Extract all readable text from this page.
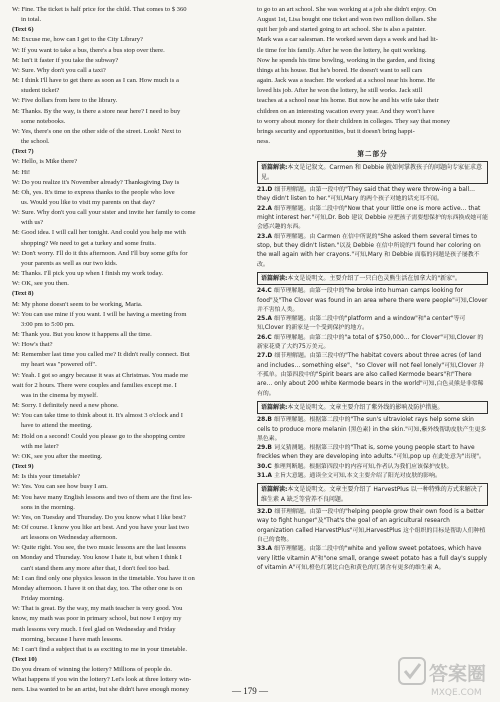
W: Fine. The ticket is half price for the child. That comes to $ 360
in total.
(Text 6)
M: Excuse me, how can I get to the City Library?
W: If you want to take a bus, there's a bus stop over there.
M: Isn't it faster if you take the subway?
W: Sure. Why don't you call a taxi?
M: I think I'll have to get there as soon as I can. How much is a
student ticket?
W: Five dollars from here to the library.
M: Thanks. By the way, is there a store near here? I need to buy
some notebooks.
W: Yes, there's one on the other side of the street. Look! Next to
the school.
(Text 7)
W: Hello, is Mike there?
M: Hi!
W: Do you realize it's November already? Thanksgiving Day is
M: Oh, yes. It's time to express thanks to the people who love
us. Would you like to visit my parents on that day?
W: Sure. Why don't you call your sister and invite her family to come
with us?
M: Good idea. I will call her tonight. And could you help me with
shopping? We need to get a turkey and some fruits.
W: Don't worry. I'll do it this afternoon. And I'll buy some gifts for
your parents as well as our two kids.
M: Thanks. I'll pick you up when I finish my work today.
W: OK, see you then.
(Text 8)
M: My phone doesn't seem to be working, Maria.
W: You can use mine if you want. I will be having a meeting from
3:00 pm to 5:00 pm.
M: Thank you. But you know it happens all the time.
W: How's that?
M: Remember last time you called me? It didn't really connect. But
my heart was "powered off".
W: Yeah. I got so angry because it was at Christmas. You made me
wait for 2 hours. There were couples and families except me. I
was in the cinema by myself.
M: Sorry. I definitely need a new phone.
W: You can take time to think about it. It's almost 3 o'clock and I
have to attend the meeting.
M: Hold on a second! Could you please go to the shopping centre
with me later?
W: OK, see you after the meeting.
(Text 9)
M: Is this your timetable?
W: Yes. You can see how busy I am.
M: You have many English lessons and two of them are the first les-
sons in the morning.
W: Yes, on Tuesday and Thursday. Do you know what I like best?
M: Of course. I know you like art best. And you have your last two
art lessons on Wednesday afternoon.
W: Quite right. You see, the two music lessons are the last lessons
on Monday and Thursday. You know I hate it, but when I think I
can't stand them any more after that, I don't feel too bad.
M: I can find only one physics lesson in the timetable. You have it on
Monday afternoon. I have it on that day, too. The other one is on
Friday morning.
W: That is great. By the way, my math teacher is very good. You
know, my math was poor in primary school, but now I enjoy my
math lessons very much. I feel glad on Wednesday and Friday
morning, because I have math lessons.
M: I can't find a subject that is as exciting to me in your timetable.
(Text 10)
Do you dream of winning the lottery? Millions of people do.
What happens if you win the lottery? Let's look at three lottery win-
ners. Lisa wanted to be an artist, but she didn't have enough money
to go to an art school. She was working at a job she didn't enjoy. On
August 1st, Lisa bought one ticket and won two million dollars. She
quit her job and started going to art school. She is also a painter.
Mark was a car salesman. He worked seven days a week and had lit-
tle time for his family. After he won the lottery, he quit working.
Now he spends his time bowling, working in the garden, and fixing
things at his house. But he's bored. He doesn't want to sell cars
again. Jack was a teacher. He worked at a school near his home. He
loved his job. After he won the lottery, he still works. Jack still
teaches at a school near his home. But now he and his wife take their
children on an interesting vacation every year. And they won't have
to worry about money for their children in colleges. They say that money
brings security and opportunities, but it doesn't bring happi-
ness.
第二部分
语篇解读:本文是记叙文。Carmen 和 Debbie 就如何掌教孩子的问题向专家征求意见。
21.D 细节理解题。由第一段中的"They said that they were throw-ing a ball… they didn't listen to her."可知,Mary 的两个孩子对她的话充耳不闻。
22.A 细节理解题。由第二段中的"Now that your little one is more active… that might interest her."可知,Dr. Bob 建议 Debbie 应把孩子需要想保护的东西换成她可能会感兴趣的东西。
23.A 细节理解题。由 Carmen 在信中所说的"She asked them several times to stop, but they didn't listen."以及 Debbie 在信中所说的"I found her coloring on the wall again with her crayons."可知,Mary 和 Debbie 面临的问题是孩子屡教不改。
语篇解读:本文是说明文。主要介绍了一只白色灵熊生活在加拿大的"新家"。
24.C 细节理解题。由第一段中的"he broke into human camps looking for food"及"The Clover was found in an area where there were people"可知,Clover 并不害怕人类。
25.A 细节理解题。由第二段中的"platform and a window"和"a center"等可知,Clover 的新家是一个受到保护的地方。
26.C 细节理解题。由第二段中的"a total of $750,000… for Clover"可知,Clover 的新家花费了大约75万美元。
27.D 细节理解题。由第三段中的"The habitat covers about three acres (of land and includes… something else"、"so Clover will not feel lonely"可知,Clover 并不孤单。由第四段中的"Spirit bears are also called Kermode bears"和"There are… only about 200 white Kermode bears in the world"可知,白色灵熊是非常稀有的。
语篇解读:本文是说明文。文章主要介绍了紫外线的影响及防护措施。
28.B 细节理解题。根据第二段中的"The sun's ultraviolet rays help some skin cells to produce more melanin (黑色素) in the skin."可知,紫外线帮助皮肤产生更多黑色素。
29.B 词义猜测题。根据第三段中的"That is, some young people start to have freckles when they are developing into adults."可知,pop up 在此处意为"出现"。
30.C 推理判断题。根据第四段中的内容可知,作者认为我们应该保护皮肤。
31.A 主旨大意题。通读全文可知,本文主要介绍了阳光对皮肤的影响。
语篇解读:本文是说明文。文章主要介绍了 HarvestPlus 以一种特殊的方式来解决了维生素 A 缺乏等营养不良问题。
32.D 细节理解题。由第一段中的"helping people grow their own food is a better way to fight hunger"及"That's the goal of an agricultural research organization called HarvestPlus"可知,HarvestPlus 这个组织的目标是帮助人们种植自己的食物。
33.A 细节理解题。由第二段中的"white and yellow sweet potatoes, which have very little vitamin A"和"one small, orange sweet potato has a full day's supply of vitamin A"可知,橙色红薯比白色和黄色的红薯含有更多的维生素 A。
— 179 —
答案圈
MXQE.COM
